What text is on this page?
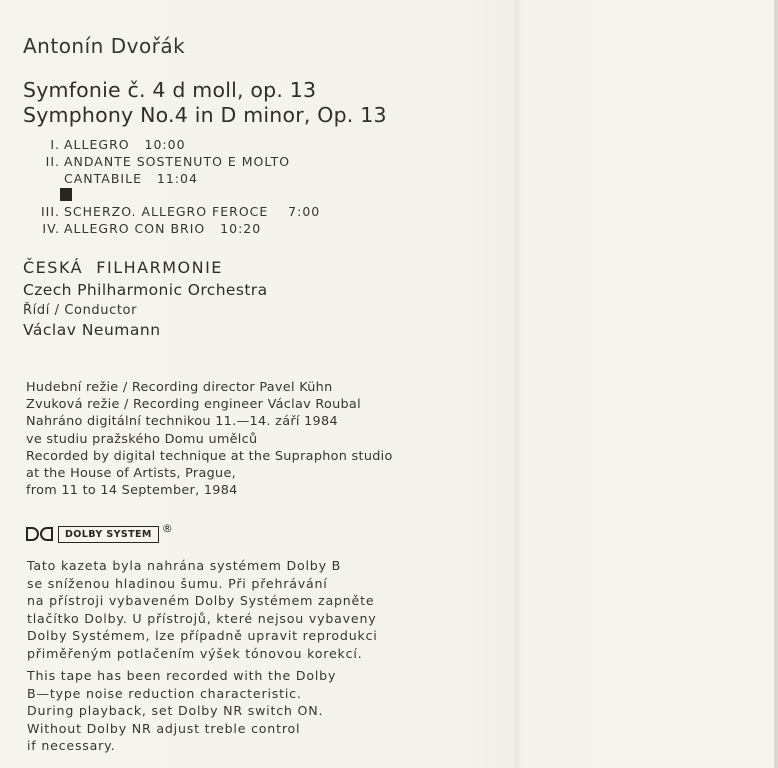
Antonín Dvořák
Symfonie č. 4 d moll, op. 13
Symphony No.4 in D minor, Op. 13
I. ALLEGRO   10:00
II. ANDANTE SOSTENUTO E MOLTO
CANTABILE   11:04
III. SCHERZO. ALLEGRO FEROCE    7:00
IV. ALLEGRO CON BRIO   10:20
ČESKÁ  FILHARMONIE
Czech Philharmonic Orchestra
Řídí / Conductor
Václav Neumann
Hudební režie / Recording director Pavel Kühn
Zvuková režie / Recording engineer Václav Roubal
Nahráno digitální technikou 11.—14. září 1984
ve studiu pražského Domu umělců
Recorded by digital technique at the Supraphon studio
at the House of Artists, Prague,
from 11 to 14 September, 1984
DOLBY SYSTEM ®
Tato kazeta byla nahrána systémem Dolby B
se sníženou hladinou šumu. Při přehrávání
na přístroji vybaveném Dolby Systémem zapněte
tlačítko Dolby. U přístrojů, které nejsou vybaveny
Dolby Systémem, lze případně upravit reprodukci
přiměřeným potlačením výšek tónovou korekcí.
This tape has been recorded with the Dolby
B—type noise reduction characteristic.
During playback, set Dolby NR switch ON.
Without Dolby NR adjust treble control
if necessary.
